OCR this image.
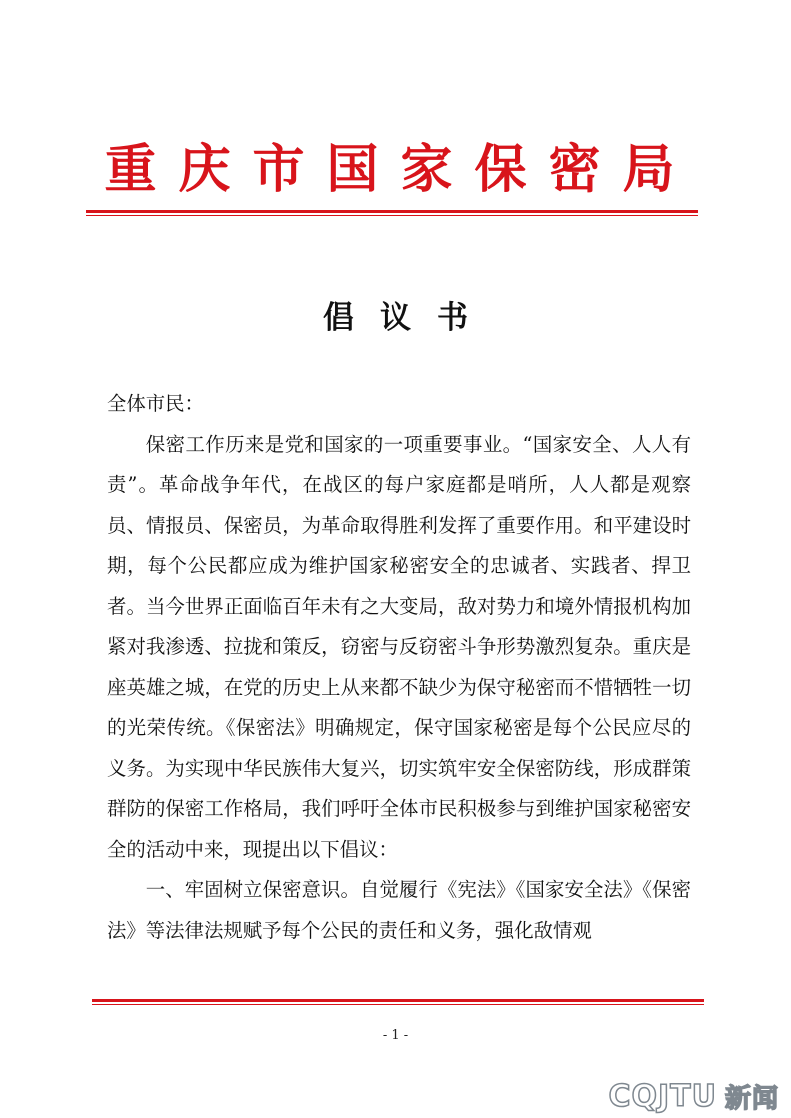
重庆市国家保密局
倡议书

全体市民：

保密工作历来是党和国家的一项重要事业。“国家安全、人人有责”。革命战争年代，在战区的每户家庭都是哨所，人人都是观察员、情报员、保密员，为革命取得胜利发挥了重要作用。和平建设时期，每个公民都应成为维护国家秘密安全的忠诚者、实践者、捍卫者。当今世界正面临百年未有之大变局，敌对势力和境外情报机构加紧对我渗透、拉拢和策反，窃密与反窃密斗争形势激烈复杂。重庆是座英雄之城，在党的历史上从来都不缺少为保守秘密而不惜牺牲一切的光荣传统。《保密法》明确规定，保守国家秘密是每个公民应尽的义务。为实现中华民族伟大复兴，切实筑牢安全保密防线，形成群策群防的保密工作格局，我们呼吁全体市民积极参与到维护国家秘密安全的活动中来，现提出以下倡议：

一、牢固树立保密意识。自觉履行《宪法》《国家安全法》《保密法》等法律法规赋予每个公民的责任和义务，强化敌情观

- 1 -
CQJTU 新闻
